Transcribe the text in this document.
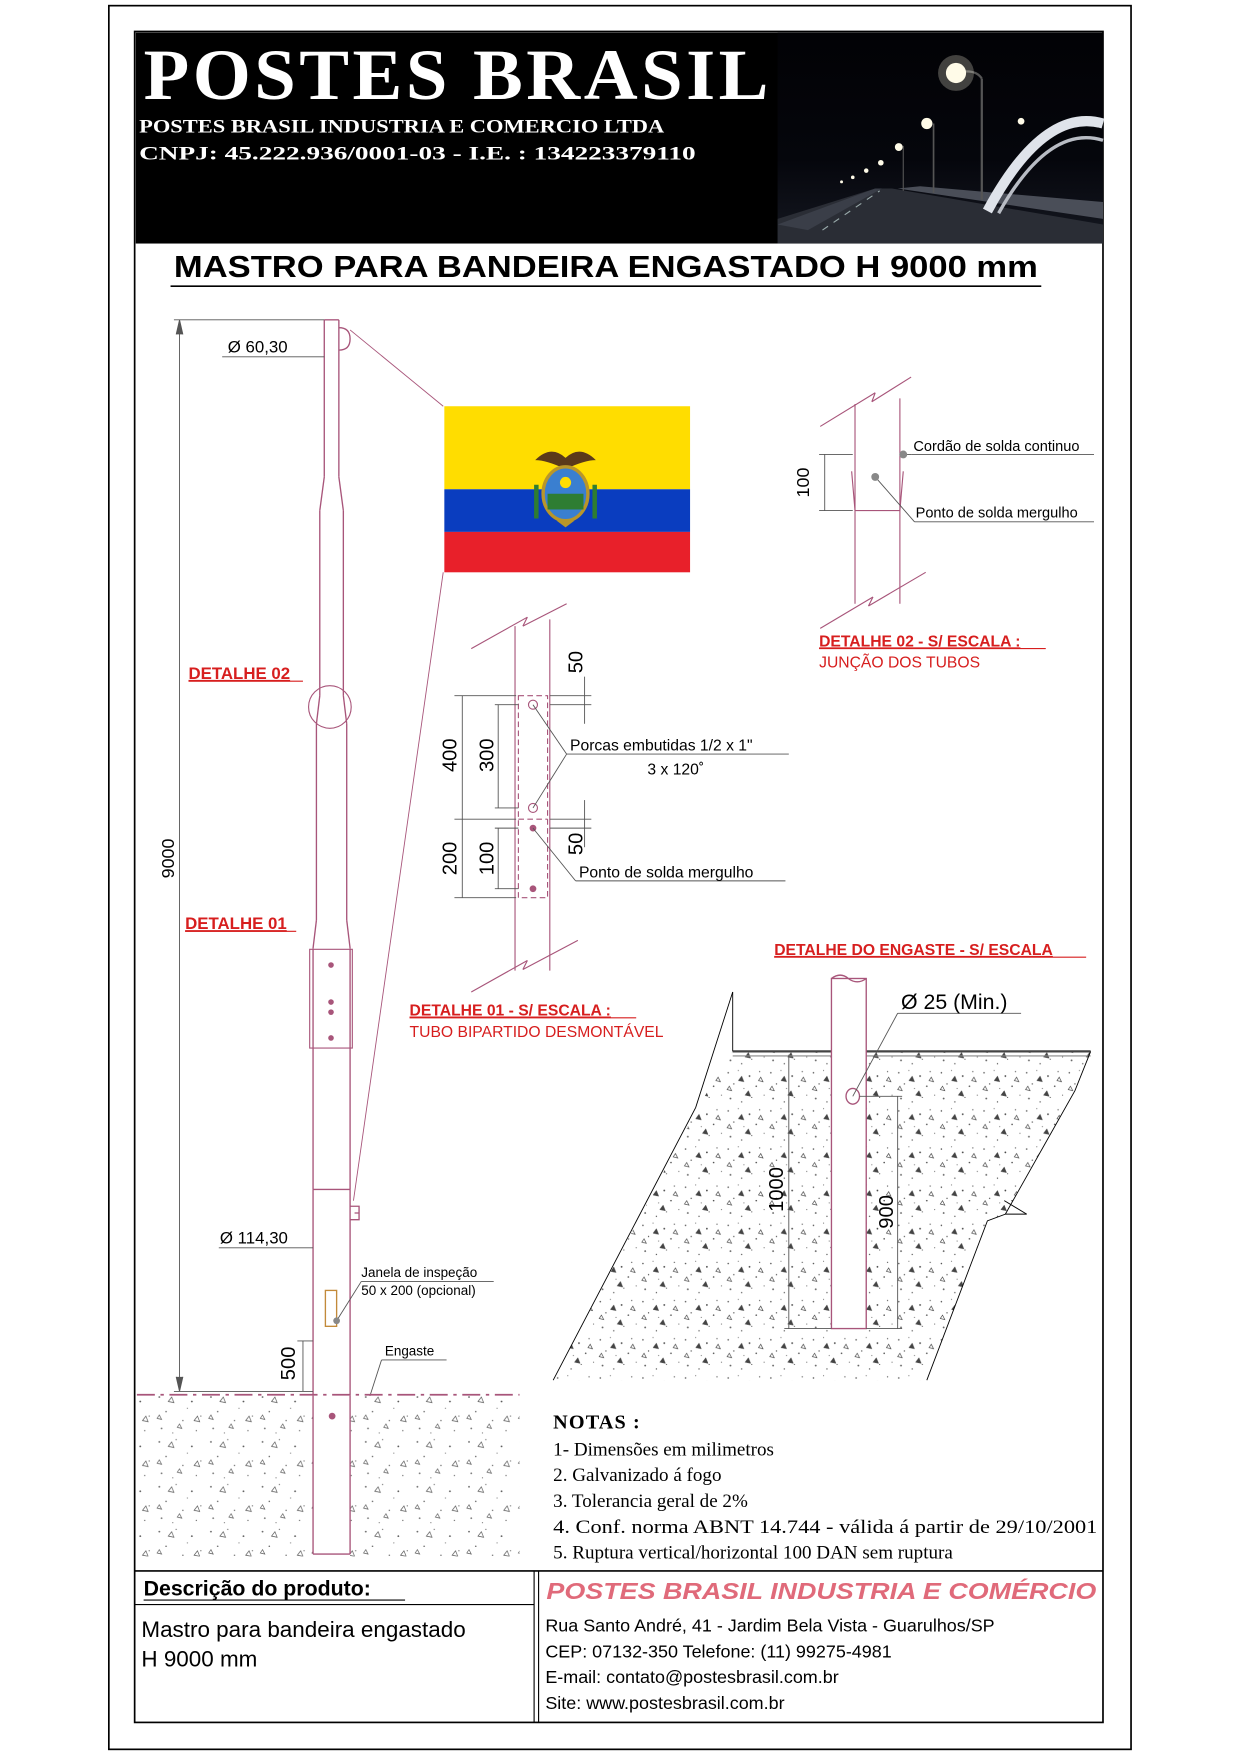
POSTES BRASIL
POSTES BRASIL INDUSTRIA E COMERCIO LTDA
CNPJ: 45.222.936/0001-03 - I.E. : 134223379110
MASTRO PARA BANDEIRA ENGASTADO H 9000 mm
Ø 60,30
Ø 114,30
9000
500
DETALHE 02
DETALHE 01
Janela de inspeção
50 x 200 (opcional)
Engaste
100
Cordão de solda continuo
Ponto de solda mergulho
DETALHE 02 - S/ ESCALA :
JUNÇÃO DOS TUBOS
50
400 300
200 100	50
Porcas embutidas 1/2 x 1"
3 x 120˚
Ponto de solda mergulho
DETALHE 01 - S/ ESCALA :
TUBO BIPARTIDO DESMONTÁVEL
DETALHE DO ENGASTE - S/ ESCALA
Ø 25 (Min.)
1000	900
NOTAS :
1- Dimensões em milimetros
2. Galvanizado á fogo
3. Tolerancia geral de 2%
4. Conf. norma ABNT 14.744 - válida á partir de 29/10/2001
5. Ruptura vertical/horizontal 100 DAN sem ruptura
Descrição do produto:
Mastro para bandeira engastado
H 9000 mm
POSTES BRASIL INDUSTRIA E COMÉRCIO
Rua Santo André, 41 - Jardim Bela Vista - Guarulhos/SP
CEP: 07132-350 Telefone: (11) 99275-4981
E-mail: contato@postesbrasil.com.br
Site: www.postesbrasil.com.br
